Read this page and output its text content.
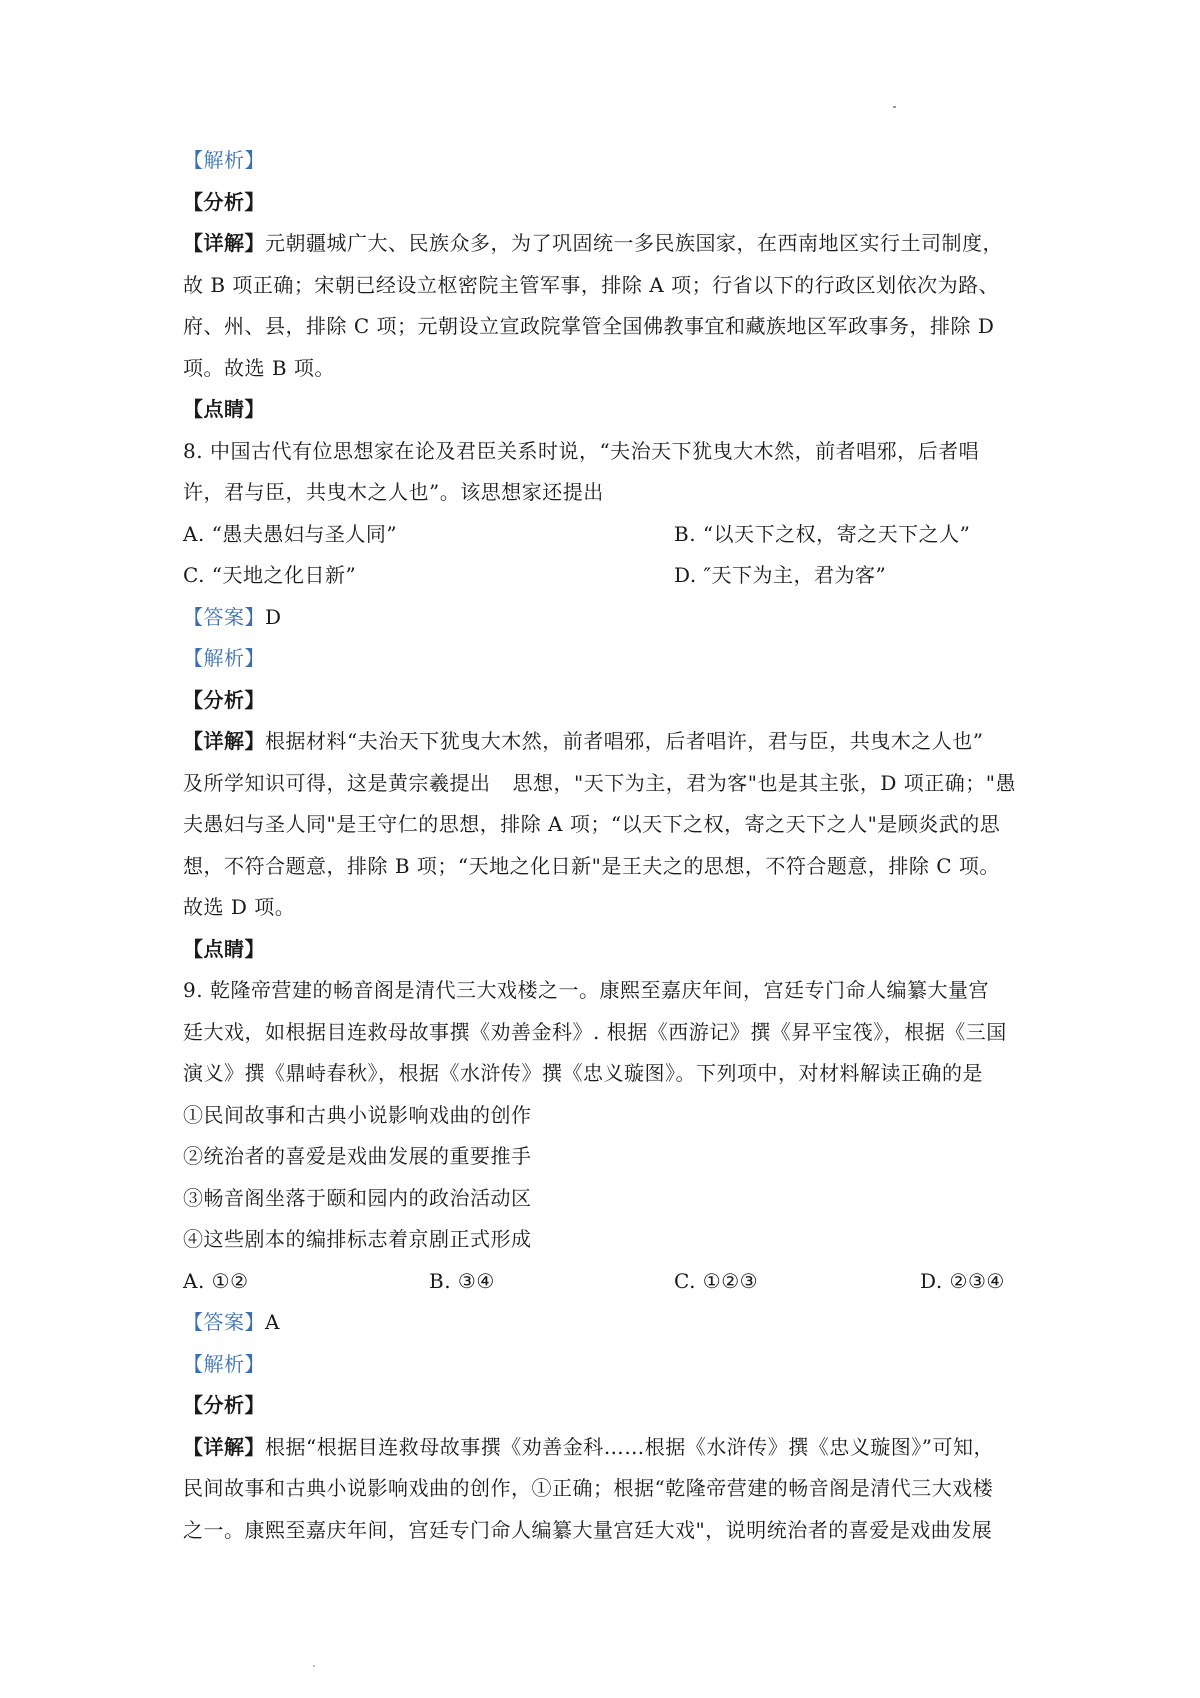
【解析】
【分析】
【详解】元朝疆城广大、民族众多，为了巩固统一多民族国家，在西南地区实行土司制度，
故 B 项正确；宋朝已经设立枢密院主管军事，排除 A 项；行省以下的行政区划依次为路、
府、州、县，排除 C 项；元朝设立宣政院掌管全国佛教事宜和藏族地区军政事务，排除 D
项。故选 B 项。
【点睛】
8. 中国古代有位思想家在论及君臣关系时说，“夫治天下犹曳大木然，前者唱邪，后者唱
许，君与臣，共曳木之人也”。该思想家还提出
A. “愚夫愚妇与圣人同”	B. “以天下之权，寄之天下之人”
C. “天地之化日新”	D. ″天下为主，君为客”
【答案】D
【解析】
【分析】
【详解】根据材料“夫治天下犹曳大木然，前者唱邪，后者唱许，君与臣，共曳木之人也”
及所学知识可得，这是黄宗羲提出 思想，"天下为主，君为客"也是其主张，D 项正确；"愚
夫愚妇与圣人同"是王守仁的思想，排除 A 项；“以天下之权，寄之天下之人"是顾炎武的思
想，不符合题意，排除 B 项；“天地之化日新"是王夫之的思想，不符合题意，排除 C 项。
故选 D 项。
【点睛】
9. 乾隆帝营建的畅音阁是清代三大戏楼之一。康熙至嘉庆年间，宫廷专门命人编纂大量宫
廷大戏，如根据目连救母故事撰《劝善金科》. 根据《西游记》撰《昇平宝筏》，根据《三国
演义》撰《鼎峙春秋》，根据《水浒传》撰《忠义璇图》。下列项中，对材料解读正确的是
①民间故事和古典小说影响戏曲的创作
②统治者的喜爱是戏曲发展的重要推手
③畅音阁坐落于颐和园内的政治活动区
④这些剧本的编排标志着京剧正式形成
A. ①②	B. ③④	C. ①②③	D. ②③④
【答案】A
【解析】
【分析】
【详解】根据“根据目连救母故事撰《劝善金科……根据《水浒传》撰《忠义璇图》”可知，
民间故事和古典小说影响戏曲的创作，①正确；根据“乾隆帝营建的畅音阁是清代三大戏楼
之一。康熙至嘉庆年间，宫廷专门命人编纂大量宫廷大戏"，说明统治者的喜爱是戏曲发展
